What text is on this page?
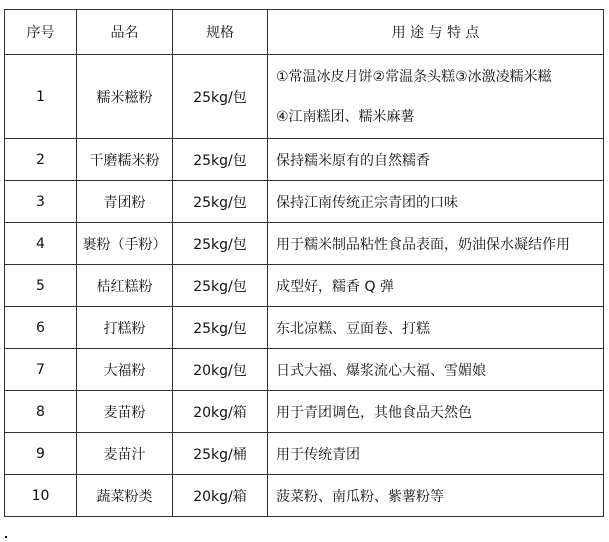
序号	品名	规格	用 途 与 特 点
1	糯米糍粉	25kg/包	①常温冰皮月饼②常温条头糕③冰激凌糯米糍
④江南糕团、糯米麻薯

2	干磨糯米粉	25kg/包	保持糯米原有的自然糯香
3	青团粉	25kg/包	保持江南传统正宗青团的口味
4	裹粉（手粉）	25kg/包	用于糯米制品粘性食品表面，奶油保水凝结作用
5	桔红糕粉	25kg/包	成型好，糯香 Q 弹
6	打糕粉	25kg/包	东北凉糕、豆面卷、打糕
7	大福粉	20kg/包	日式大福、爆浆流心大福、雪媚娘
8	麦苗粉	20kg/箱	用于青团调色，其他食品天然色
9	麦苗汁	25kg/桶	用于传统青团
10	蔬菜粉类	20kg/箱	菠菜粉、南瓜粉、紫薯粉等
